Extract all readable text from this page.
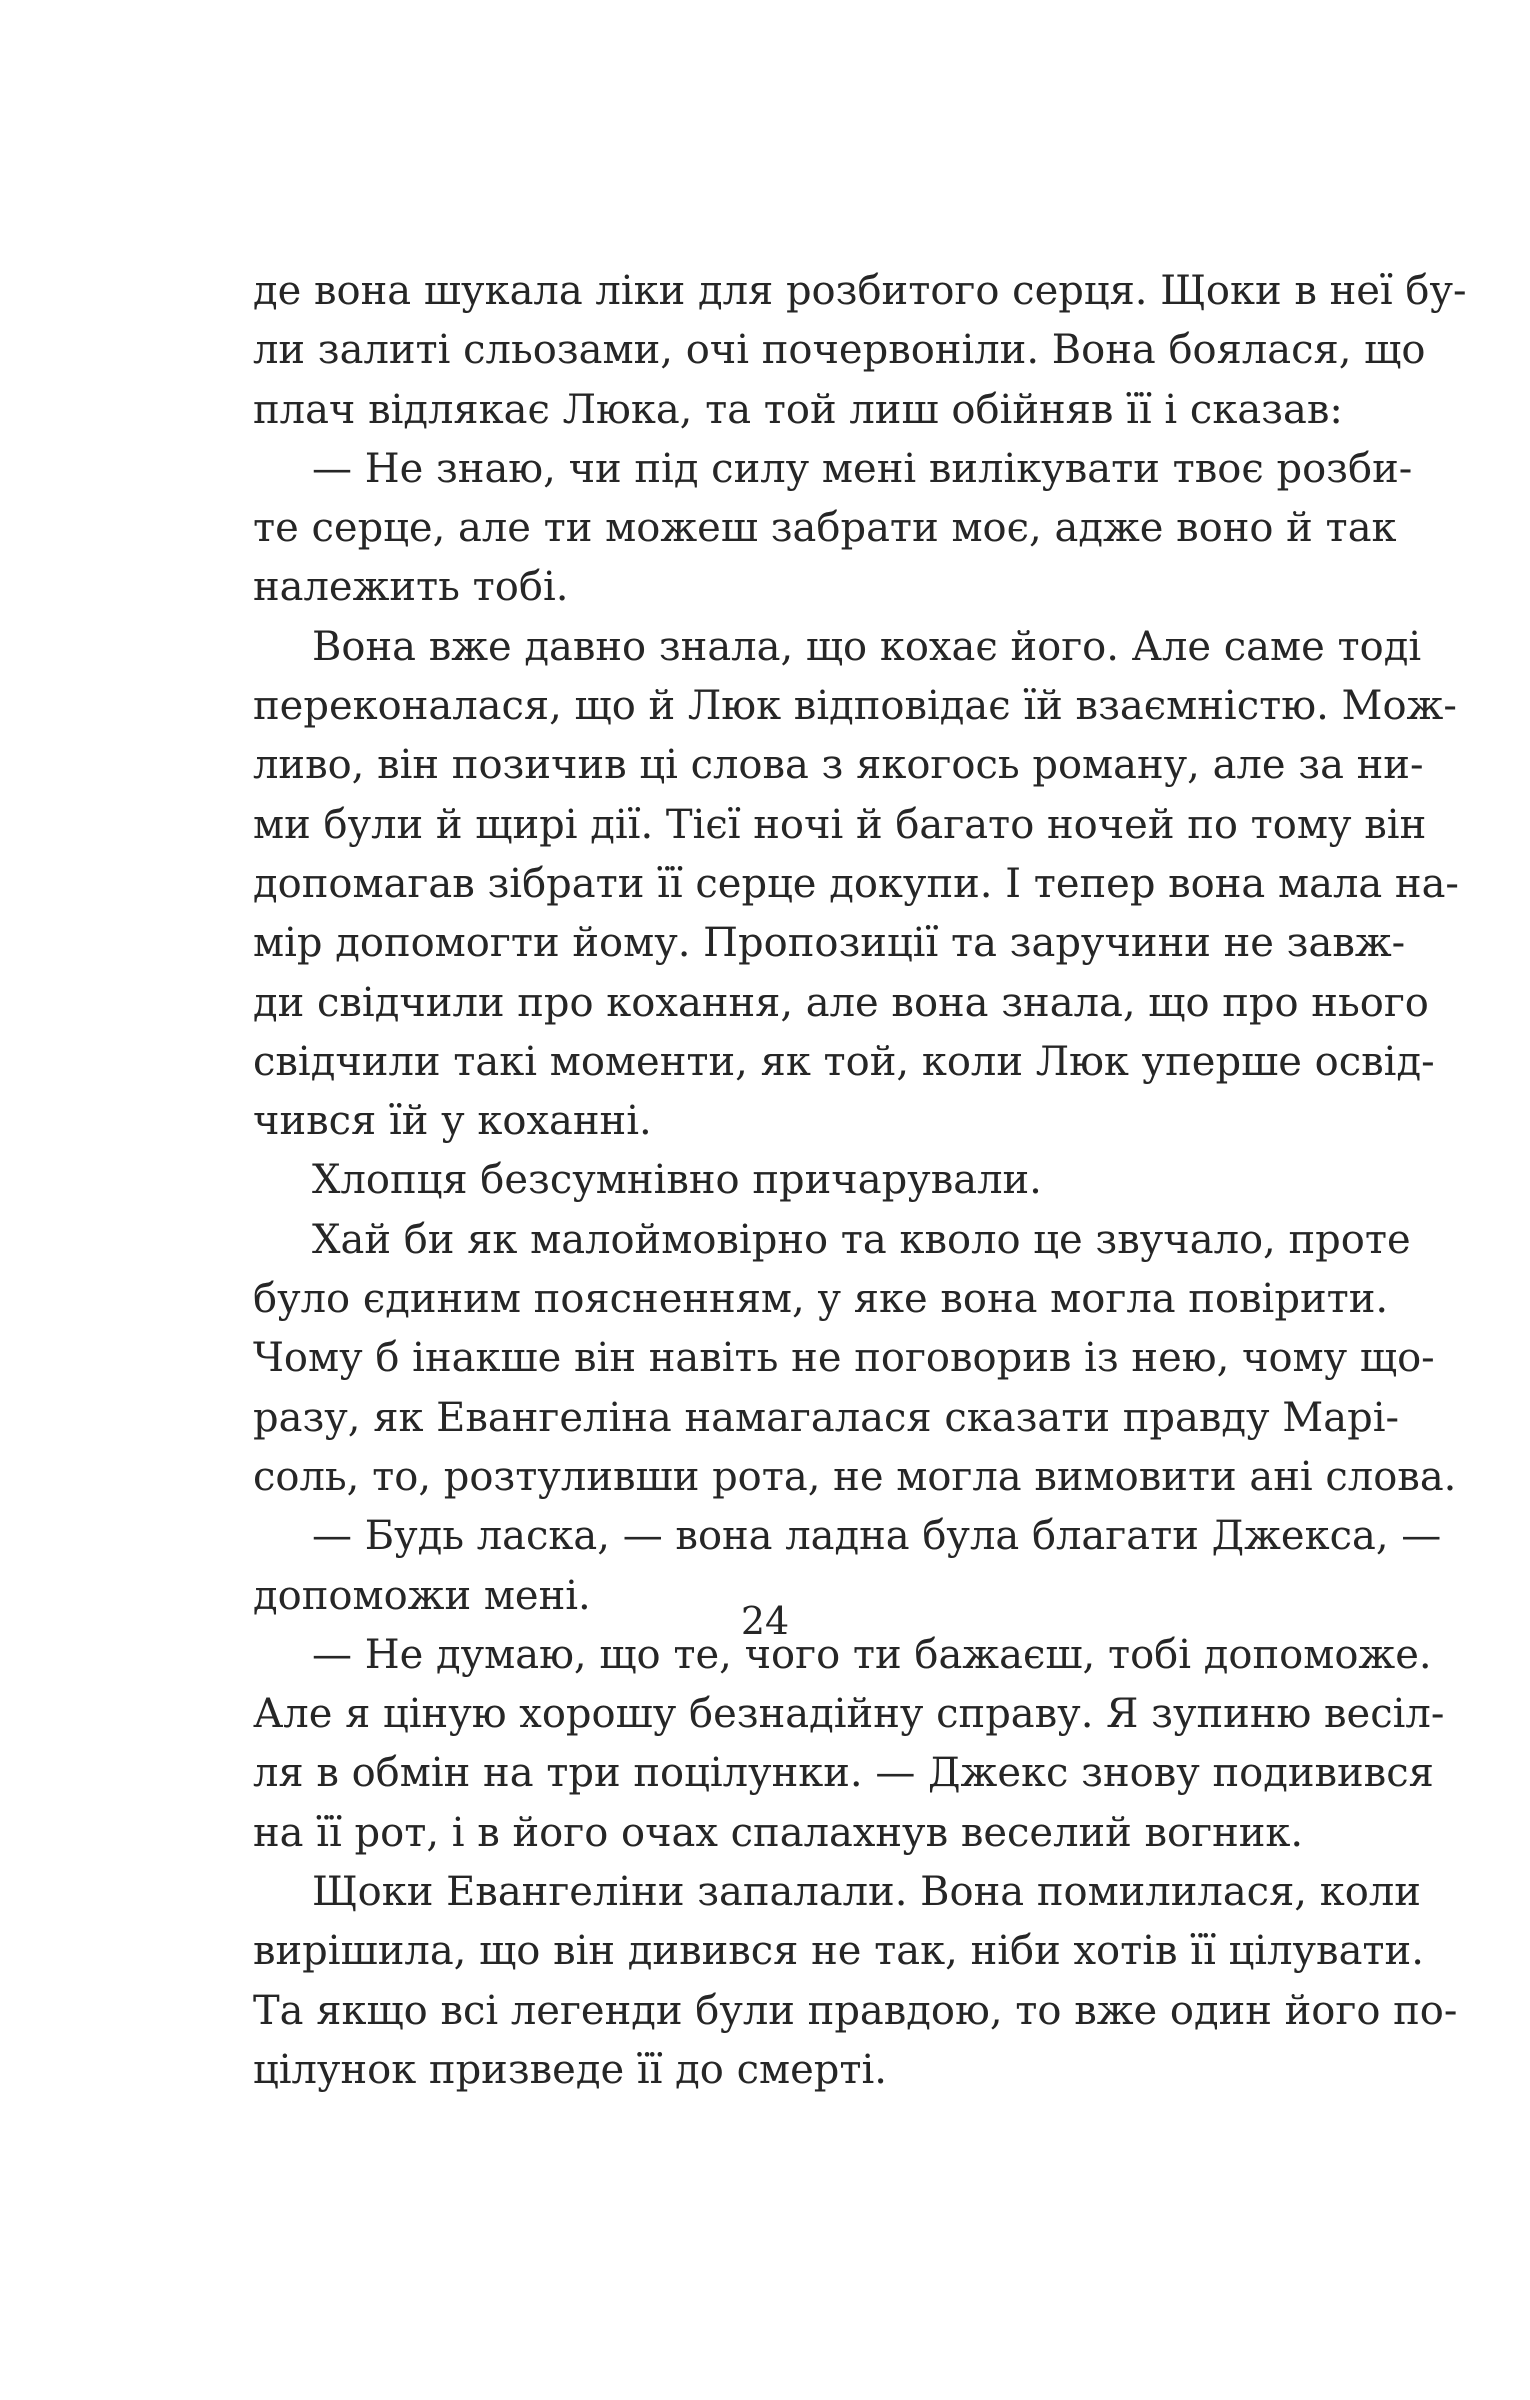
де вона шукала ліки для розбитого серця. Щоки в неї бу-
ли залиті сльозами, очі почервоніли. Вона боялася, що
плач відлякає Люка, та той лиш обійняв її і сказав:
— Не знаю, чи під силу мені вилікувати твоє розби-
те серце, але ти можеш забрати моє, адже воно й так
належить тобі.
Вона вже давно знала, що кохає його. Але саме тоді
переконалася, що й Люк відповідає їй взаємністю. Мож-
ливо, він позичив ці слова з якогось роману, але за ни-
ми були й щирі дії. Тієї ночі й багато ночей по тому він
допомагав зібрати її серце докупи. І тепер вона мала на-
мір допомогти йому. Пропозиції та заручини не завж-
ди свідчили про кохання, але вона знала, що про нього
свідчили такі моменти, як той, коли Люк уперше освід-
чився їй у коханні.
Хлопця безсумнівно причарували.
Хай би як малоймовірно та кволо це звучало, проте
було єдиним поясненням, у яке вона могла повірити.
Чому б інакше він навіть не поговорив із нею, чому що-
разу, як Евангеліна намагалася сказати правду Марі-
соль, то, розтуливши рота, не могла вимовити ані слова.
— Будь ласка, — вона ладна була благати Джекса, —
допоможи мені.
— Не думаю, що те, чого ти бажаєш, тобі допоможе.
Але я ціную хорошу безнадійну справу. Я зупиню весіл-
ля в обмін на три поцілунки. — Джекс знову подивився
на її рот, і в його очах спалахнув веселий вогник.
Щоки Евангеліни запалали. Вона помилилася, коли
вирішила, що він дивився не так, ніби хотів її цілувати.
Та якщо всі легенди були правдою, то вже один його по-
цілунок призведе її до смерті.
24
